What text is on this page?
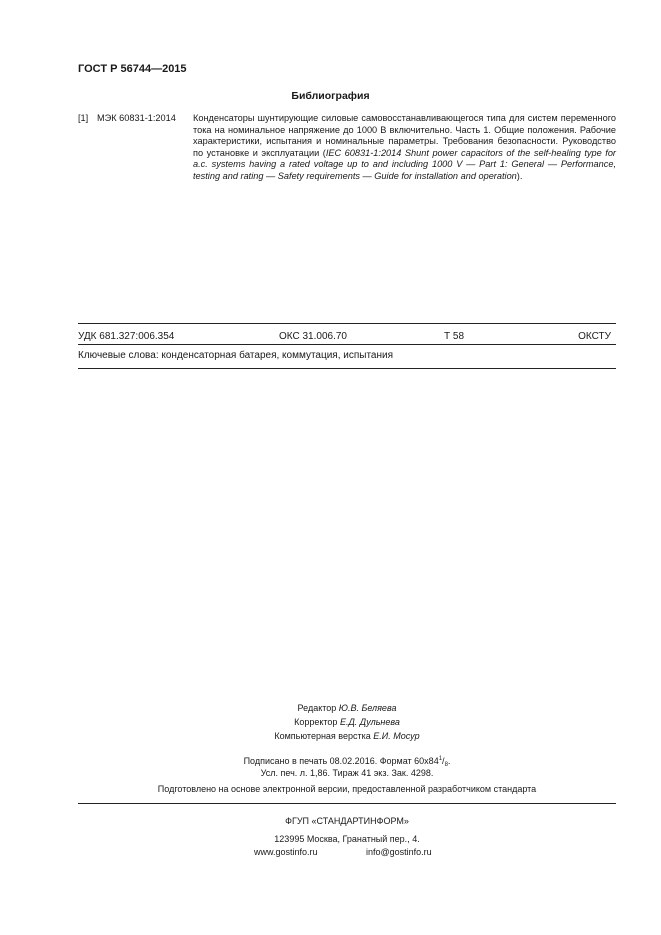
ГОСТ Р 56744—2015
Библиография
[1] МЭК 60831-1:2014 Конденсаторы шунтирующие силовые самовосстанавливающегося типа для систем переменного тока на номинальное напряжение до 1000 В включительно. Часть 1. Общие положения. Рабочие характеристики, испытания и номинальные параметры. Требования безопасности. Руководство по установке и эксплуатации (IEC 60831-1:2014 Shunt power capacitors of the self-healing type for a.c. systems having a rated voltage up to and including 1000 V — Part 1: General — Performance, testing and rating — Safety requirements — Guide for installation and operation).
УДК 681.327:006.354	ОКС 31.006.70	Т 58	ОКСТУ
Ключевые слова: конденсаторная батарея, коммутация, испытания
Редактор Ю.В. Беляева
Корректор Е.Д. Дульнева
Компьютерная верстка Е.И. Мосур
Подписано в печать 08.02.2016. Формат $60x84^1/_8$.
Усл. печ. л. 1,86. Тираж 41 экз. Зак. 4298.
Подготовлено на основе электронной версии, предоставленной разработчиком стандарта
ФГУП «СТАНДАРТИНФОРМ»
123995 Москва, Гранатный пер., 4.
www.gostinfo.ru	info@gostinfo.ru
